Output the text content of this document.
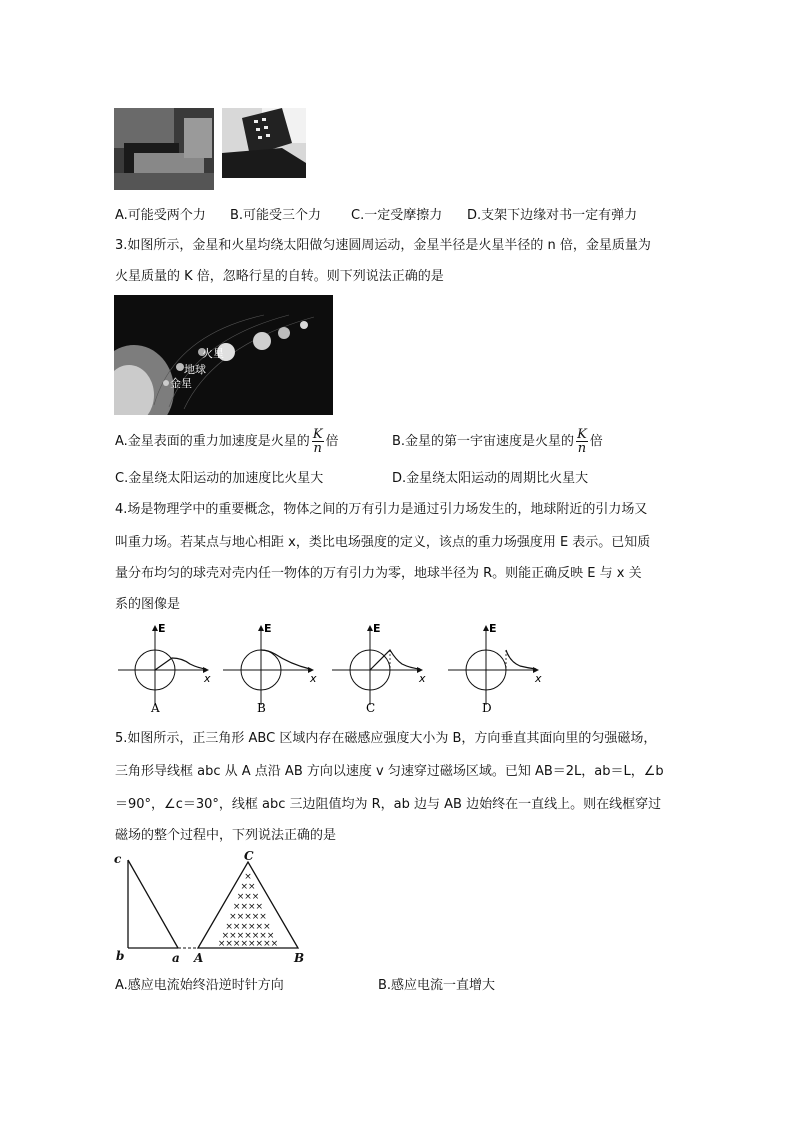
A.可能受两个力 B.可能受三个力 C.一定受摩擦力 D.支架下边缘对书一定有弹力
3.如图所示，金星和火星均绕太阳做匀速圆周运动，金星半径是火星半径的 n 倍，金星质量为
火星质量的 K 倍，忽略行星的自转。则下列说法正确的是
火星
地球
金星
A.金星表面的重力加速度是火星的 $\frac{K}{n}$ 倍	B.金星的第一宇宙速度是火星的 $\frac{K}{n}$ 倍
C.金星绕太阳运动的加速度比火星大	D.金星绕太阳运动的周期比火星大
4.场是物理学中的重要概念，物体之间的万有引力是通过引力场发生的，地球附近的引力场又
叫重力场。若某点与地心相距 x，类比电场强度的定义，该点的重力场强度用 E 表示。已知质
量分布均匀的球壳对壳内任一物体的万有引力为零，地球半径为 R。则能正确反映 E 与 x 关
系的图像是
E
x
A
E
x
B
E
x
C
E
x
D
5.如图所示，正三角形 ABC 区域内存在磁感应强度大小为 B，方向垂直其面向里的匀强磁场，
三角形导线框 abc 从 A 点沿 AB 方向以速度 v 匀速穿过磁场区域。已知 AB＝2L，ab＝L，∠b
＝90°，∠c＝30°，线框 abc 三边阻值均为 R，ab 边与 AB 边始终在一直线上。则在线框穿过
磁场的整个过程中，下列说法正确的是
×
××
×××
××××
×××××
××××××
×××××××
××××××××
c
b	a A	B
C
A.感应电流始终沿逆时针方向	B.感应电流一直增大
